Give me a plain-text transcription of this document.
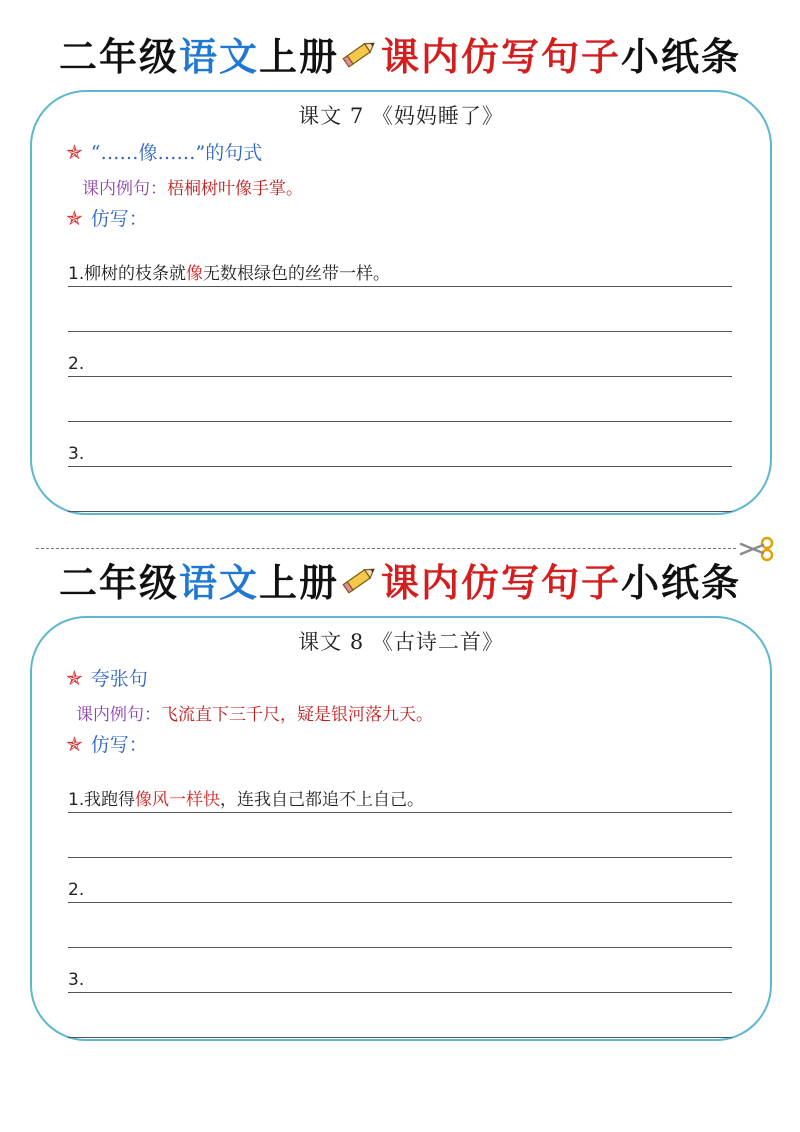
二年级 语文 上册 课内仿写句子 小纸条
课文 7 《妈妈睡了》
✯ “……像……”的句式
课内例句：梧桐树叶像手掌。
✯ 仿写：
1. 柳树的枝条就像无数根绿色的丝带一样。
2.
3.
二年级 语文 上册 课内仿写句子 小纸条
课文 8 《古诗二首》
✯ 夸张句
课内例句：飞流直下三千尺，疑是银河落九天。
✯ 仿写：
1. 我跑得像风一样快，连我自己都追不上自己。
2.
3.
